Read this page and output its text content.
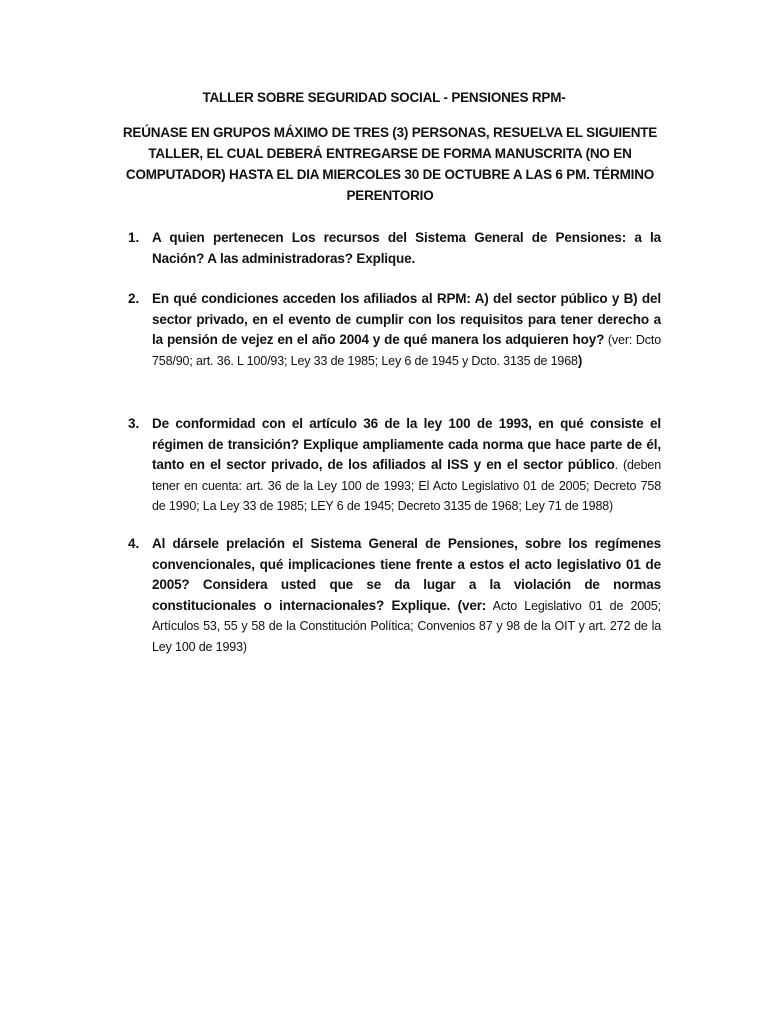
TALLER SOBRE SEGURIDAD SOCIAL - PENSIONES RPM-
REÚNASE EN GRUPOS MÁXIMO DE TRES (3) PERSONAS, RESUELVA EL SIGUIENTE TALLER, EL CUAL DEBERÁ ENTREGARSE DE FORMA MANUSCRITA (NO EN COMPUTADOR) HASTA EL DIA MIERCOLES 30 DE OCTUBRE A LAS 6 PM. TÉRMINO PERENTORIO
1. A quien pertenecen Los recursos del Sistema General de Pensiones: a la Nación? A las administradoras? Explique.
2. En qué condiciones acceden los afiliados al RPM: A) del sector público y B) del sector privado, en el evento de cumplir con los requisitos para tener derecho a la pensión de vejez en el año 2004 y de qué manera los adquieren hoy? (ver: Dcto 758/90; art. 36. L 100/93; Ley 33 de 1985; Ley 6 de 1945 y Dcto. 3135 de 1968)
3. De conformidad con el artículo 36 de la ley 100 de 1993, en qué consiste el régimen de transición? Explique ampliamente cada norma que hace parte de él, tanto en el sector privado, de los afiliados al ISS y en el sector público. (deben tener en cuenta: art. 36 de la Ley 100 de 1993; El Acto Legislativo 01 de 2005; Decreto 758 de 1990; La Ley 33 de 1985; LEY 6 de 1945; Decreto 3135 de 1968; Ley 71 de 1988)
4. Al dársele prelación el Sistema General de Pensiones, sobre los regímenes convencionales, qué implicaciones tiene frente a estos el acto legislativo 01 de 2005? Considera usted que se da lugar a la violación de normas constitucionales o internacionales? Explique. (ver: Acto Legislativo 01 de 2005; Artículos 53, 55 y 58 de la Constitución Política; Convenios 87 y 98 de la OIT y art. 272 de la Ley 100 de 1993)
